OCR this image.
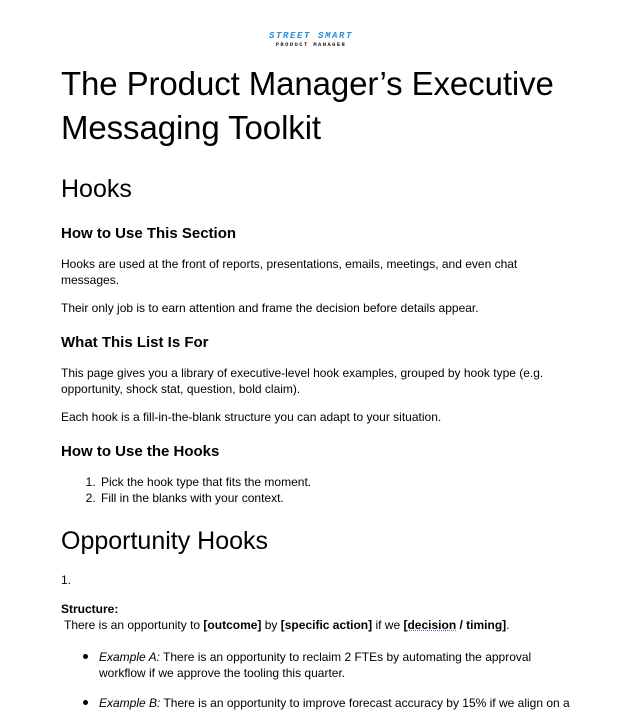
STREET SMART
PRODUCT MANAGER
The Product Manager’s Executive Messaging Toolkit
Hooks
How to Use This Section

Hooks are used at the front of reports, presentations, emails, meetings, and even chat messages.

Their only job is to earn attention and frame the decision before details appear.

What This List Is For

This page gives you a library of executive-level hook examples, grouped by hook type (e.g. opportunity, shock stat, question, bold claim).

Each hook is a fill-in-the-blank structure you can adapt to your situation.

How to Use the Hooks
1. Pick the hook type that fits the moment.
2. Fill in the blanks with your context.
Opportunity Hooks
1.
Structure:
There is an opportunity to [outcome] by [specific action] if we [decision / timing].
Example A: There is an opportunity to reclaim 2 FTEs by automating the approval workflow if we approve the tooling this quarter.
Example B: There is an opportunity to improve forecast accuracy by 15% if we align on a
